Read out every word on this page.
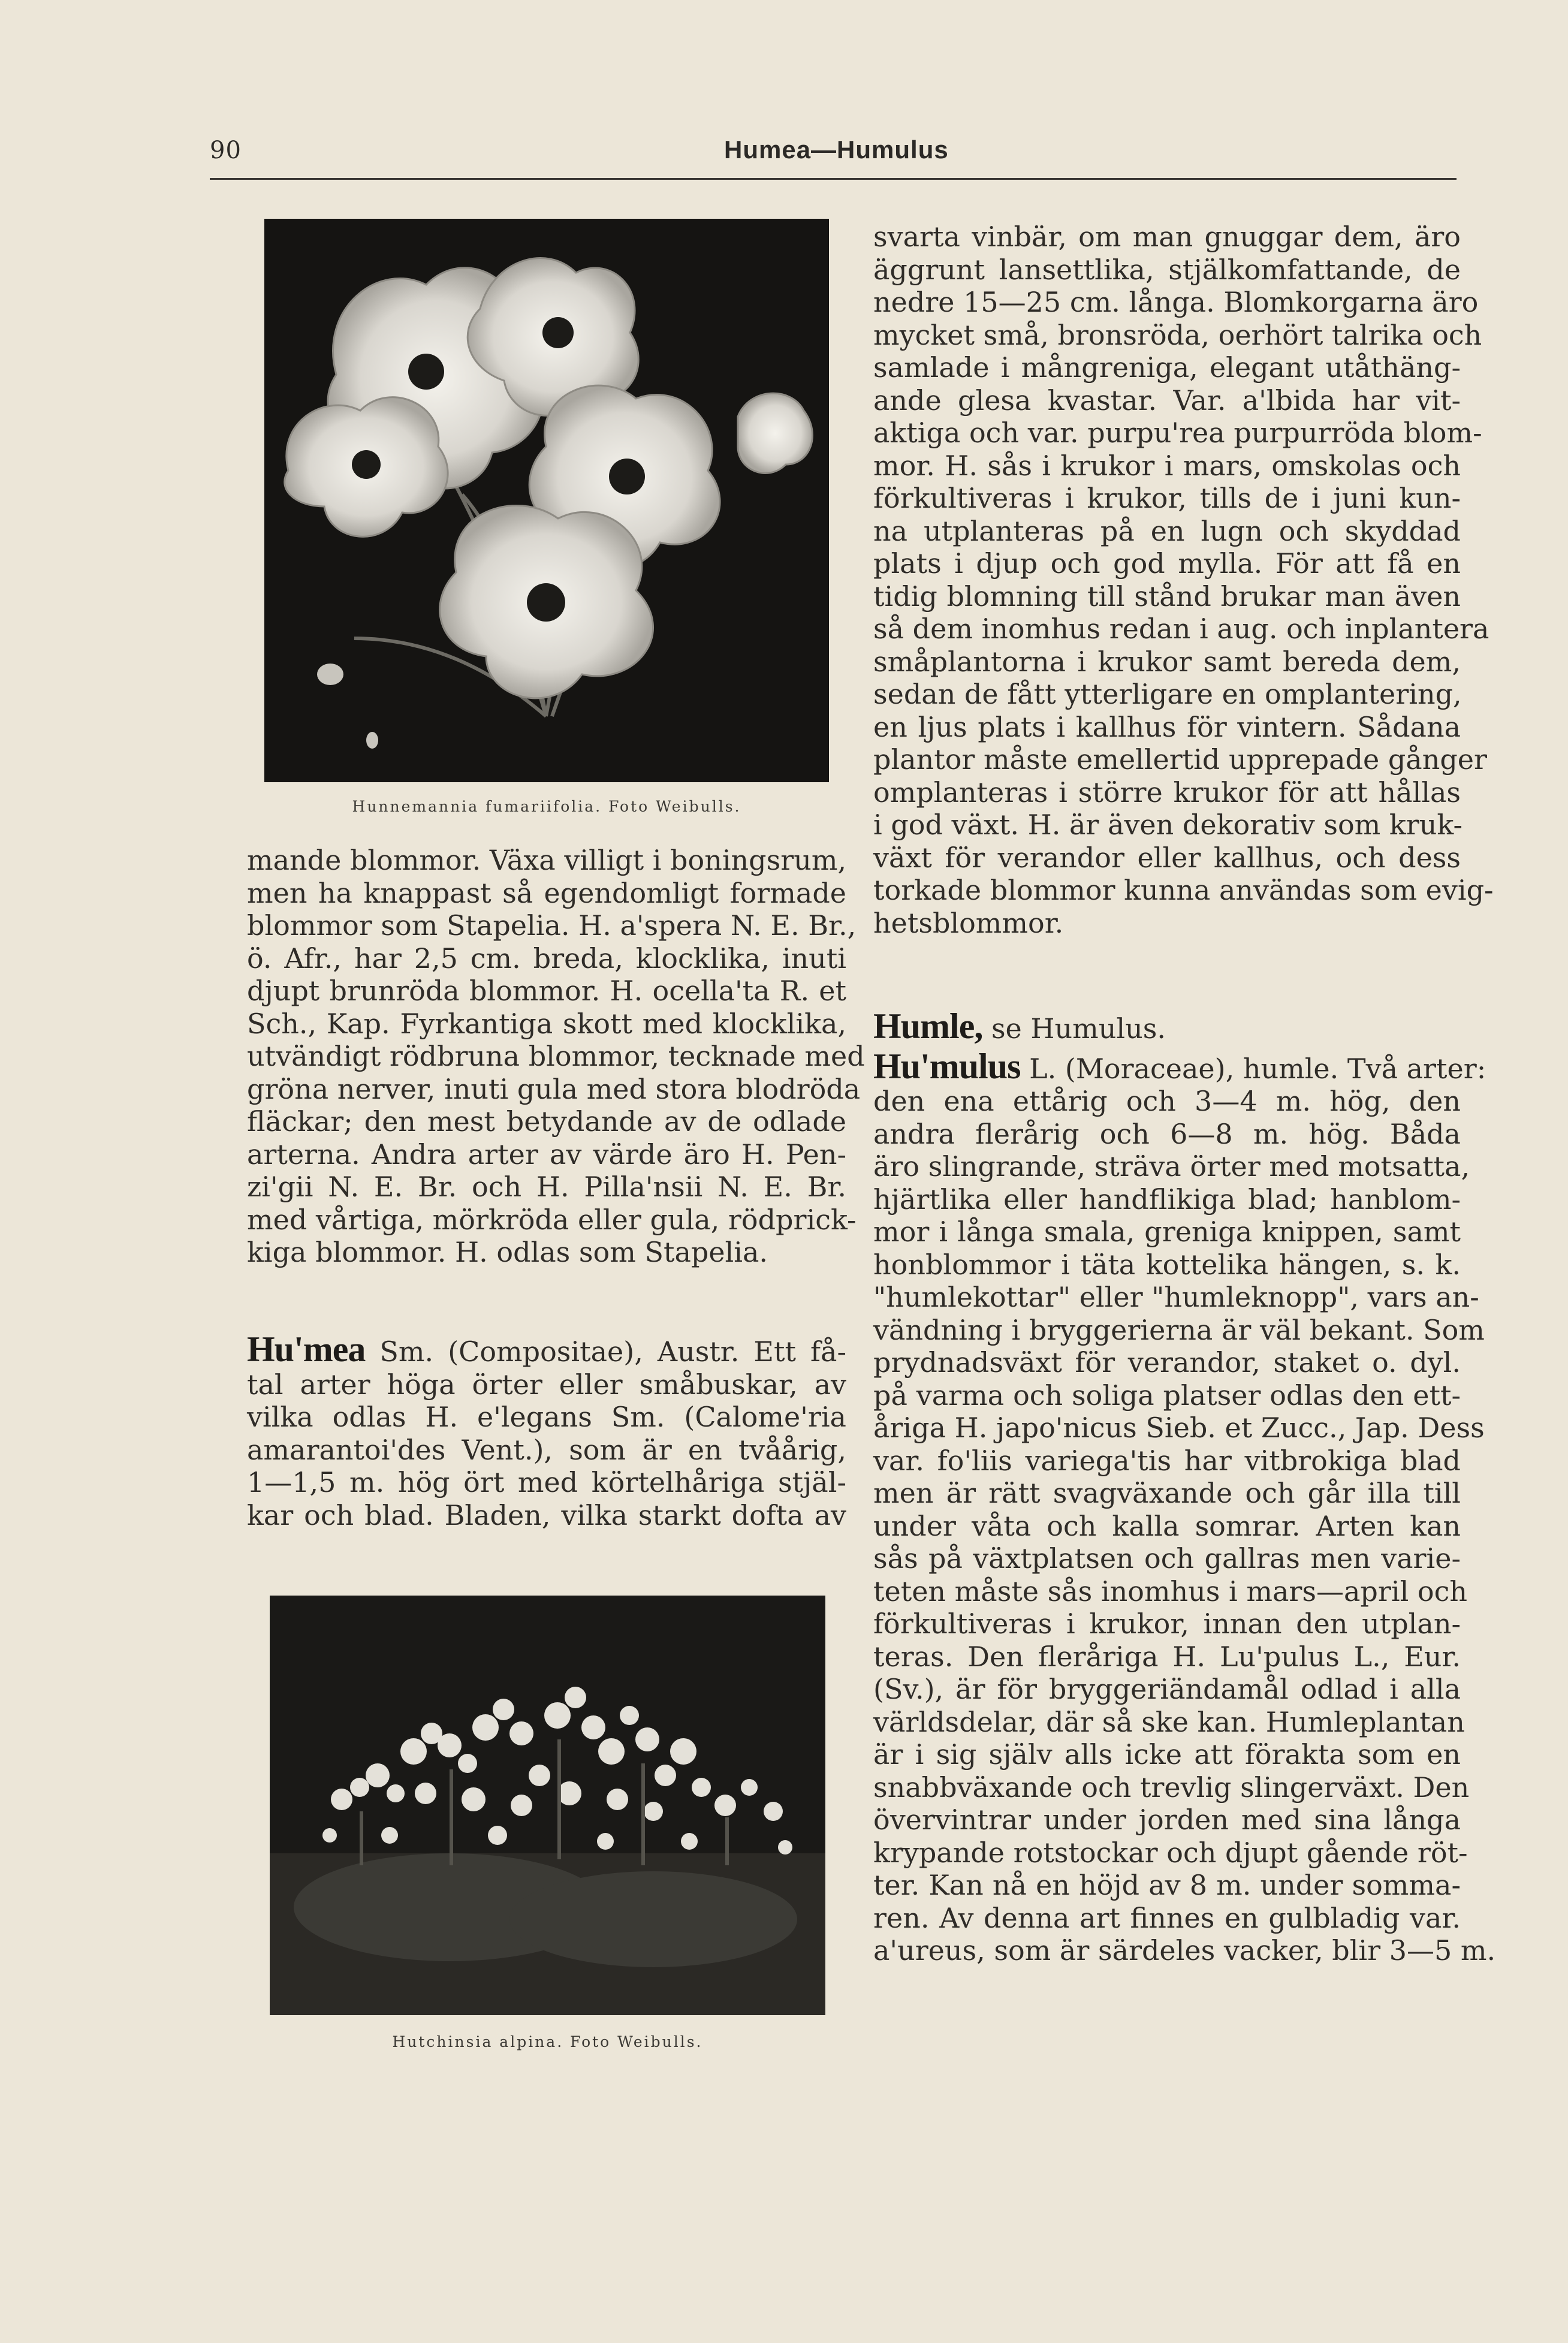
90	Humea—Humulus
Hunnemannia fumariifolia. Foto Weibulls.
mande blommor. Växa villigt i boningsrum,
men ha knappast så egendomligt formade
blommor som Stapelia. H. a'spera N. E. Br.,
ö. Afr., har 2,5 cm. breda, klocklika, inuti
djupt brunröda blommor. H. ocella'ta R. et
Sch., Kap. Fyrkantiga skott med klocklika,
utvändigt rödbruna blommor, tecknade med
gröna nerver, inuti gula med stora blodröda
fläckar; den mest betydande av de odlade
arterna. Andra arter av värde äro H. Pen-
zi'gii N. E. Br. och H. Pilla'nsii N. E. Br.
med vårtiga, mörkröda eller gula, rödprick-
kiga blommor. H. odlas som Stapelia.
Hu'mea Sm. (Compositae), Austr. Ett få-
tal arter höga örter eller småbuskar, av
vilka odlas H. e'legans Sm. (Calome'ria
amarantoi'des Vent.), som är en tvåårig,
1—1,5 m. hög ört med körtelhåriga stjäl-
kar och blad. Bladen, vilka starkt dofta av
Hutchinsia alpina. Foto Weibulls.
svarta vinbär, om man gnuggar dem, äro
äggrunt lansettlika, stjälkomfattande, de
nedre 15—25 cm. långa. Blomkorgarna äro
mycket små, bronsröda, oerhört talrika och
samlade i mångreniga, elegant utåthäng-
ande glesa kvastar. Var. a'lbida har vit-
aktiga och var. purpu'rea purpurröda blom-
mor. H. sås i krukor i mars, omskolas och
förkultiveras i krukor, tills de i juni kun-
na utplanteras på en lugn och skyddad
plats i djup och god mylla. För att få en
tidig blomning till stånd brukar man även
så dem inomhus redan i aug. och inplantera
småplantorna i krukor samt bereda dem,
sedan de fått ytterligare en omplantering,
en ljus plats i kallhus för vintern. Sådana
plantor måste emellertid upprepade gånger
omplanteras i större krukor för att hållas
i god växt. H. är även dekorativ som kruk-
växt för verandor eller kallhus, och dess
torkade blommor kunna användas som evig-
hetsblommor.
Humle, se Humulus.
Hu'mulus L. (Moraceae), humle. Två arter:
den ena ettårig och 3—4 m. hög, den
andra flerårig och 6—8 m. hög. Båda
äro slingrande, sträva örter med motsatta,
hjärtlika eller handflikiga blad; hanblom-
mor i långa smala, greniga knippen, samt
honblommor i täta kottelika hängen, s. k.
"humlekottar" eller "humleknopp", vars an-
vändning i bryggerierna är väl bekant. Som
prydnadsväxt för verandor, staket o. dyl.
på varma och soliga platser odlas den ett-
åriga H. japo'nicus Sieb. et Zucc., Jap. Dess
var. fo'liis variega'tis har vitbrokiga blad
men är rätt svagväxande och går illa till
under våta och kalla somrar. Arten kan
sås på växtplatsen och gallras men varie-
teten måste sås inomhus i mars—april och
förkultiveras i krukor, innan den utplan-
teras. Den fleråriga H. Lu'pulus L., Eur.
(Sv.), är för bryggeriändamål odlad i alla
världsdelar, där så ske kan. Humleplantan
är i sig själv alls icke att förakta som en
snabbväxande och trevlig slingerväxt. Den
övervintrar under jorden med sina långa
krypande rotstockar och djupt gående röt-
ter. Kan nå en höjd av 8 m. under somma-
ren. Av denna art finnes en gulbladig var.
a'ureus, som är särdeles vacker, blir 3—5 m.
